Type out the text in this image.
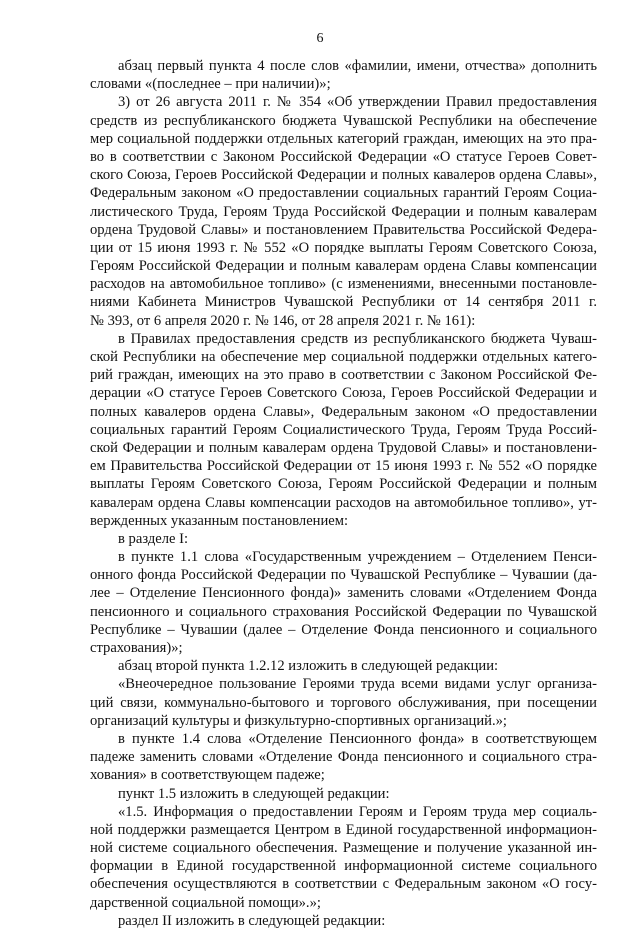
6
абзац первый пункта 4 после слов «фамилии, имени, отчества» дополнить
словами «(последнее – при наличии)»;
3) от 26 августа 2011 г. № 354 «Об утверждении Правил предоставления
средств из республиканского бюджета Чувашской Республики на обеспечение
мер социальной поддержки отдельных категорий граждан, имеющих на это пра-
во в соответствии с Законом Российской Федерации «О статусе Героев Совет-
ского Союза, Героев Российской Федерации и полных кавалеров ордена Славы»,
Федеральным законом «О предоставлении социальных гарантий Героям Социа-
листического Труда, Героям Труда Российской Федерации и полным кавалерам
ордена Трудовой Славы» и постановлением Правительства Российской Федера-
ции от 15 июня 1993 г. № 552 «О порядке выплаты Героям Советского Союза,
Героям Российской Федерации и полным кавалерам ордена Славы компенсации
расходов на автомобильное топливо» (с изменениями, внесенными постановле-
ниями Кабинета Министров Чувашской Республики от 14 сентября 2011 г.
№ 393, от 6 апреля 2020 г. № 146, от 28 апреля 2021 г. № 161):
в Правилах предоставления средств из республиканского бюджета Чуваш-
ской Республики на обеспечение мер социальной поддержки отдельных катего-
рий граждан, имеющих на это право в соответствии с Законом Российской Фе-
дерации «О статусе Героев Советского Союза, Героев Российской Федерации и
полных кавалеров ордена Славы», Федеральным законом «О предоставлении
социальных гарантий Героям Социалистического Труда, Героям Труда Россий-
ской Федерации и полным кавалерам ордена Трудовой Славы» и постановлени-
ем Правительства Российской Федерации от 15 июня 1993 г. № 552 «О порядке
выплаты Героям Советского Союза, Героям Российской Федерации и полным
кавалерам ордена Славы компенсации расходов на автомобильное топливо», ут-
вержденных указанным постановлением:
в разделе I:
в пункте 1.1 слова «Государственным учреждением – Отделением Пенси-
онного фонда Российской Федерации по Чувашской Республике – Чувашии (да-
лее – Отделение Пенсионного фонда)» заменить словами «Отделением Фонда
пенсионного и социального страхования Российской Федерации по Чувашской
Республике – Чувашии (далее – Отделение Фонда пенсионного и социального
страхования)»;
абзац второй пункта 1.2.12 изложить в следующей редакции:
«Внеочередное пользование Героями труда всеми видами услуг организа-
ций связи, коммунально-бытового и торгового обслуживания, при посещении
организаций культуры и физкультурно-спортивных организаций.»;
в пункте 1.4 слова «Отделение Пенсионного фонда» в соответствующем
падеже заменить словами «Отделение Фонда пенсионного и социального стра-
хования» в соответствующем падеже;
пункт 1.5 изложить в следующей редакции:
«1.5. Информация о предоставлении Героям и Героям труда мер социаль-
ной поддержки размещается Центром в Единой государственной информацион-
ной системе социального обеспечения. Размещение и получение указанной ин-
формации в Единой государственной информационной системе социального
обеспечения осуществляются в соответствии с Федеральным законом «О госу-
дарственной социальной помощи».»;
раздел II изложить в следующей редакции:
